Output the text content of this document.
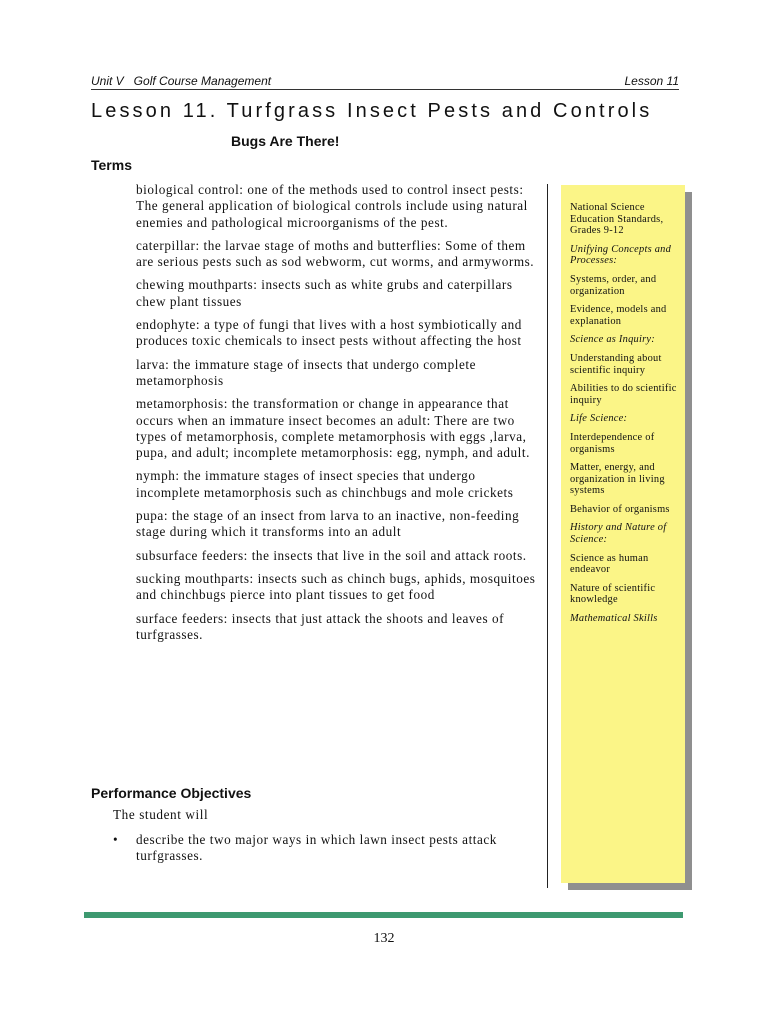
Unit V   Golf Course Management	Lesson 11
Lesson 11. Turfgrass Insect Pests and Controls
Bugs Are There!
Terms
biological control: one of the methods used to control insect pests: The general application of biological controls include using natural enemies and pathological microorganisms of the pest.
caterpillar: the larvae stage of moths and butterflies: Some of them are serious pests such as sod webworm, cut worms, and armyworms.
chewing mouthparts: insects such as white grubs and caterpillars chew plant tissues
endophyte: a type of fungi that lives with a host symbiotically and produces toxic chemicals to insect pests without affecting the host
larva: the immature stage of insects that undergo complete metamorphosis
metamorphosis: the transformation or change in appearance that occurs when an immature insect becomes an adult: There are two types of metamorphosis, complete metamorphosis with eggs ,larva, pupa, and adult; incomplete metamorphosis: egg, nymph, and adult.
nymph: the immature stages of insect species that undergo incomplete metamorphosis such as chinchbugs and mole crickets
pupa: the stage of an insect from larva to an inactive, non-feeding stage during which it transforms into an adult
subsurface feeders: the insects that live in the soil and attack roots.
sucking mouthparts: insects such as chinch bugs, aphids, mosquitoes and chinchbugs pierce into plant tissues to get food
surface feeders: insects that just attack the shoots and leaves of turfgrasses.
National Science Education Standards, Grades 9-12
Unifying Concepts and Processes:
Systems, order, and organization
Evidence, models and explanation
Science as Inquiry:
Understanding about scientific inquiry
Abilities to do scientific inquiry
Life Science:
Interdependence of organisms
Matter, energy, and organization in living systems
Behavior of organisms
History and Nature of Science:
Science as human endeavor
Nature of scientific knowledge
Mathematical Skills
Performance Objectives
The student will
• describe the two major ways in which lawn insect pests attack turfgrasses.
132
